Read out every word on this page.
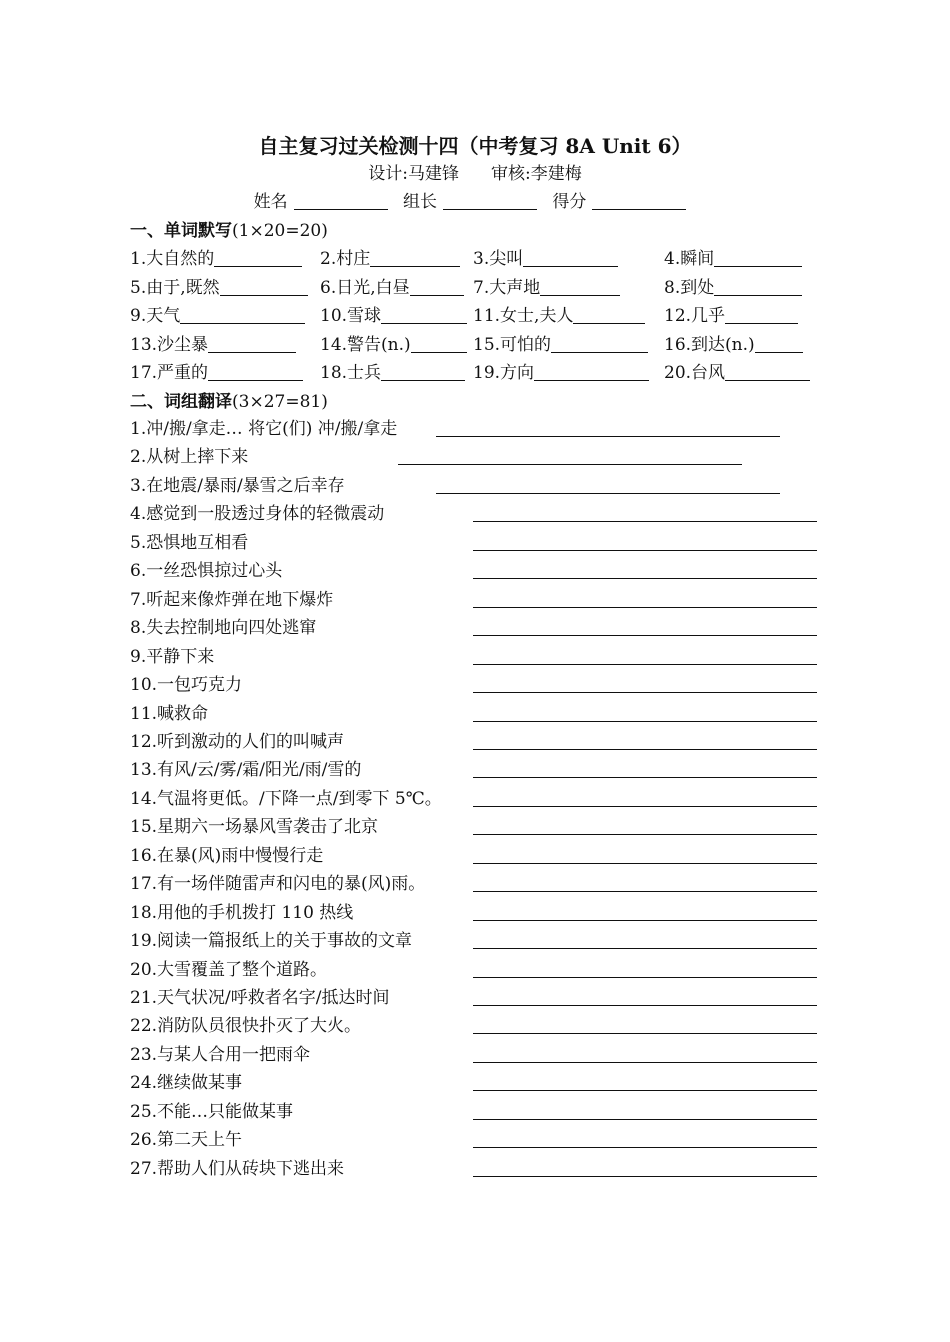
自主复习过关检测十四（中考复习 8A Unit 6）
设计:马建锋 审核:李建梅
姓名	组长	得分
一、单词默写(1×20=20)
1.大自然的	2.村庄	3.尖叫	4.瞬间
5.由于,既然	6.日光,白昼	7.大声地	8.到处
9.天气	10.雪球	11.女士,夫人	12.几乎
13.沙尘暴	14.警告(n.)	15.可怕的	16.到达(n.)
17.严重的	18.士兵	19.方向	20.台风
二、词组翻译(3×27=81)
1.冲/搬/拿走… 将它(们) 冲/搬/拿走
2.从树上摔下来
3.在地震/暴雨/暴雪之后幸存
4.感觉到一股透过身体的轻微震动
5.恐惧地互相看
6.一丝恐惧掠过心头
7.听起来像炸弹在地下爆炸
8.失去控制地向四处逃窜
9.平静下来
10.一包巧克力
11.喊救命
12.听到激动的人们的叫喊声
13.有风/云/雾/霜/阳光/雨/雪的
14.气温将更低。/下降一点/到零下 5℃。
15.星期六一场暴风雪袭击了北京
16.在暴(风)雨中慢慢行走
17.有一场伴随雷声和闪电的暴(风)雨。
18.用他的手机拨打 110 热线
19.阅读一篇报纸上的关于事故的文章
20.大雪覆盖了整个道路。
21.天气状况/呼救者名字/抵达时间
22.消防队员很快扑灭了大火。
23.与某人合用一把雨伞
24.继续做某事
25.不能…只能做某事
26.第二天上午
27.帮助人们从砖块下逃出来
